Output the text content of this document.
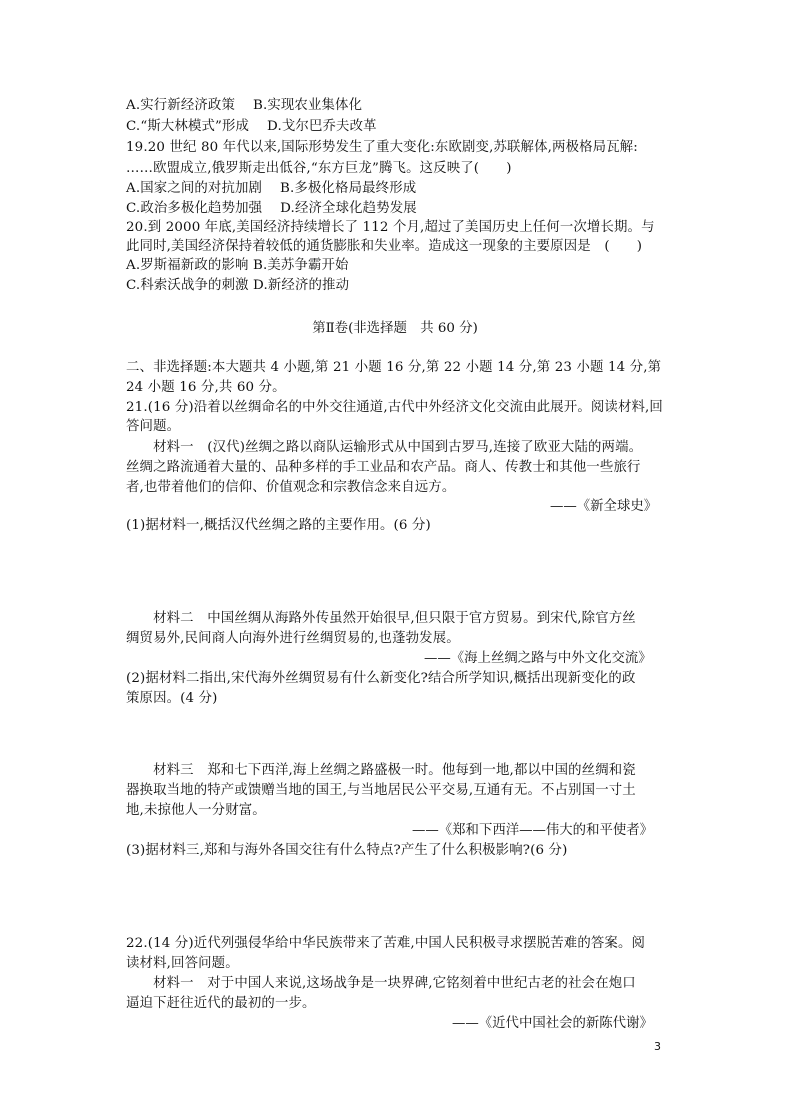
A.实行新经济政策　 B.实现农业集体化
C.“斯大林模式”形成　 D.戈尔巴乔夫改革
19.20 世纪 80 年代以来,国际形势发生了重大变化:东欧剧变,苏联解体,两极格局瓦解:
……欧盟成立,俄罗斯走出低谷,“东方巨龙”腾飞。这反映了(　　)
A.国家之间的对抗加剧　 B.多极化格局最终形成
C.政治多极化趋势加强　 D.经济全球化趋势发展
20.到 2000 年底,美国经济持续增长了 112 个月,超过了美国历史上任何一次增长期。与
此同时,美国经济保持着较低的通货膨胀和失业率。造成这一现象的主要原因是　(　　)
A.罗斯福新政的影响 B.美苏争霸开始
C.科索沃战争的刺激 D.新经济的推动
第Ⅱ卷(非选择题　共 60 分)
二、非选择题:本大题共 4 小题,第 21 小题 16 分,第 22 小题 14 分,第 23 小题 14 分,第
24 小题 16 分,共 60 分。
21.(16 分)沿着以丝绸命名的中外交往通道,古代中外经济文化交流由此展开。阅读材料,回
答问题。
　　材料一　(汉代)丝绸之路以商队运输形式从中国到古罗马,连接了欧亚大陆的两端。
丝绸之路流通着大量的、品种多样的手工业品和农产品。商人、传教士和其他一些旅行
者,也带着他们的信仰、价值观念和宗教信念来自远方。
——《新全球史》
(1)据材料一,概括汉代丝绸之路的主要作用。(6 分)
　　材料二　中国丝绸从海路外传虽然开始很早,但只限于官方贸易。到宋代,除官方丝
绸贸易外,民间商人向海外进行丝绸贸易的,也蓬勃发展。
——《海上丝绸之路与中外文化交流》
(2)据材料二指出,宋代海外丝绸贸易有什么新变化?结合所学知识,概括出现新变化的政
策原因。(4 分)
　　材料三　郑和七下西洋,海上丝绸之路盛极一时。他每到一地,都以中国的丝绸和瓷
器换取当地的特产或馈赠当地的国王,与当地居民公平交易,互通有无。不占别国一寸土
地,未掠他人一分财富。
——《郑和下西洋——伟大的和平使者》
(3)据材料三,郑和与海外各国交往有什么特点?产生了什么积极影响?(6 分)
22.(14 分)近代列强侵华给中华民族带来了苦难,中国人民积极寻求摆脱苦难的答案。阅
读材料,回答问题。
　　材料一　对于中国人来说,这场战争是一块界碑,它铭刻着中世纪古老的社会在炮口
逼迫下赶往近代的最初的一步。
——《近代中国社会的新陈代谢》
3
